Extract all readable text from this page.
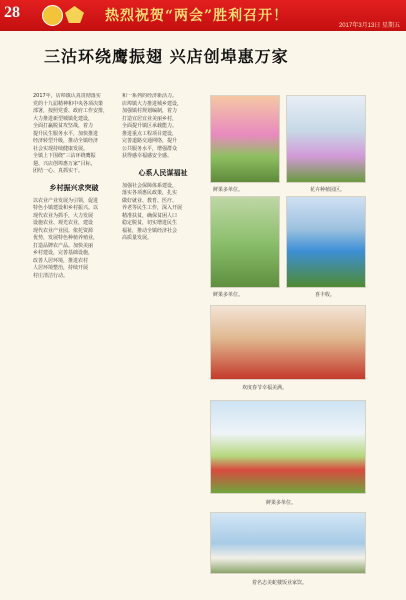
28	热烈祝贺“两会”胜利召开！
2017年3月13日 星期五
三沽环绕鹰振翅 兴店创埠惠万家
2017年，店埠镇认真贯彻落实
党的十九届精神和中央各项决策
部署，按照党委、政府工作安排，
大力推进新型城镇化建设，
全面打赢脱贫攻坚战，着力
提升民生服务水平，加快推进
经济转型升级，推动全镇经济
社会实现持续健康发展。
全镇上下围绕“三沽环绕鹰振
翅、兴店创埠惠万家”目标，
团结一心、真抓实干。
乡村振兴求突破
以农业产业发展为引领，促进
特色小镇建设和乡村振兴。以
现代农业为抓手，大力发展
设施农业、观光农业，建设
现代农业产业园。依托资源
优势，发展特色种植养殖业，
打造品牌农产品。加快美丽
乡村建设，完善基础设施，
改善人居环境，推进农村
人居环境整治，持续开展
村庄清洁行动。
和一系列的经济新活力。
店埠镇大力推进城乡建设，
加强镇村规划编制，着力
打造宜居宜业美丽乡村，
全面提升镇区承载能力。
推进重点工程项目建设，
完善道路交通网络，提升
公共服务水平，增强群众
获得感幸福感安全感。
心系人民谋福祉
加强社会保障体系建设，
落实各项惠民政策，扎实
做好就业、教育、医疗、
养老等民生工作，深入开展
精准扶贫，确保贫困人口
稳定脱贫，切实增进民生
福祉，推动全镇经济社会
高质量发展。
鲜果多单位。	花卉种植园区。
鲜果多单位。	喜丰收。
欢度春节幸福美满。
鲜果多单位。
着名志美蛇楼饭业家饮。
